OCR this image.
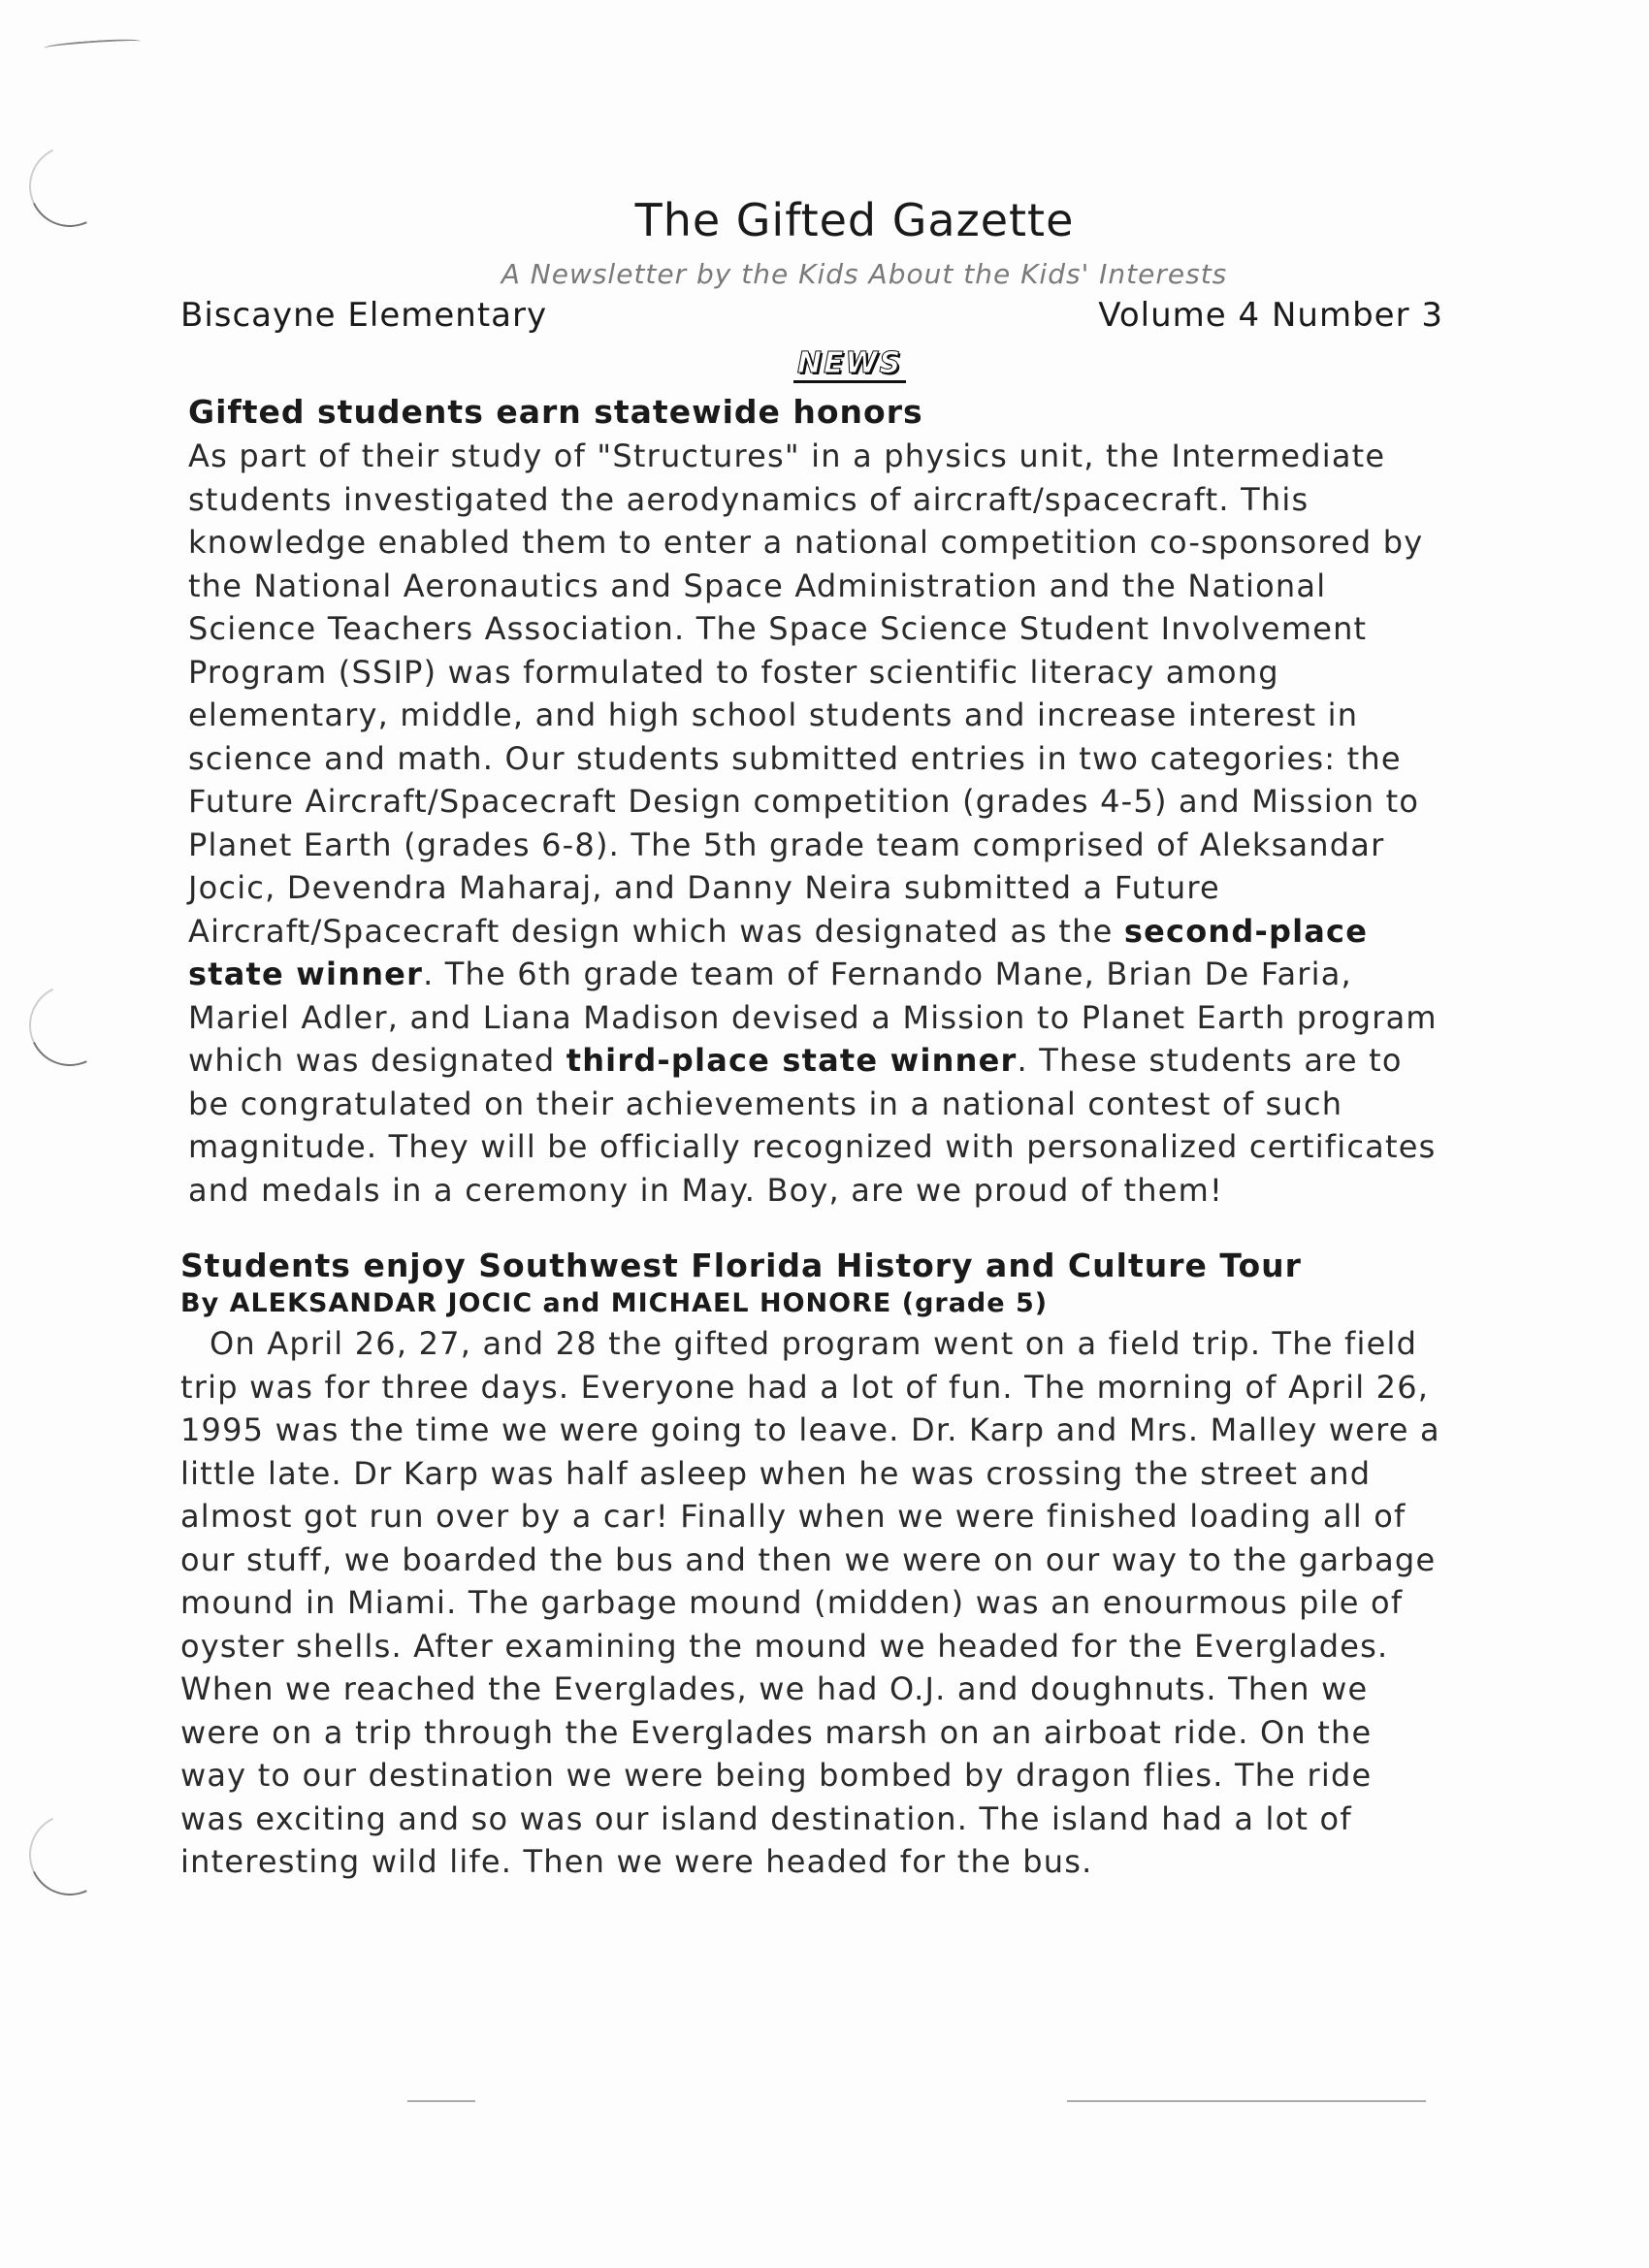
The Gifted Gazette
A Newsletter by the Kids About the Kids' Interests
Biscayne Elementary	Volume 4 Number 3
NEWS
Gifted students earn statewide honors

As part of their study of "Structures" in a physics unit, the Intermediate students investigated the aerodynamics of aircraft/spacecraft. This knowledge enabled them to enter a national competition co-sponsored by the National Aeronautics and Space Administration and the National Science Teachers Association. The Space Science Student Involvement Program (SSIP) was formulated to foster scientific literacy among elementary, middle, and high school students and increase interest in science and math. Our students submitted entries in two categories: the Future Aircraft/Spacecraft Design competition (grades 4-5) and Mission to Planet Earth (grades 6-8). The 5th grade team comprised of Aleksandar Jocic, Devendra Maharaj, and Danny Neira submitted a Future Aircraft/Spacecraft design which was designated as the second-place state winner. The 6th grade team of Fernando Mane, Brian De Faria, Mariel Adler, and Liana Madison devised a Mission to Planet Earth program which was designated third-place state winner. These students are to be congratulated on their achievements in a national contest of such magnitude. They will be officially recognized with personalized certificates and medals in a ceremony in May. Boy, are we proud of them!

Students enjoy Southwest Florida History and Culture Tour
By ALEKSANDAR JOCIC and MICHAEL HONORE (grade 5)

On April 26, 27, and 28 the gifted program went on a field trip. The field trip was for three days. Everyone had a lot of fun. The morning of April 26, 1995 was the time we were going to leave. Dr. Karp and Mrs. Malley were a little late. Dr Karp was half asleep when he was crossing the street and almost got run over by a car! Finally when we were finished loading all of our stuff, we boarded the bus and then we were on our way to the garbage mound in Miami. The garbage mound (midden) was an enourmous pile of oyster shells. After examining the mound we headed for the Everglades. When we reached the Everglades, we had O.J. and doughnuts. Then we were on a trip through the Everglades marsh on an airboat ride. On the way to our destination we were being bombed by dragon flies. The ride was exciting and so was our island destination. The island had a lot of interesting wild life. Then we were headed for the bus.
